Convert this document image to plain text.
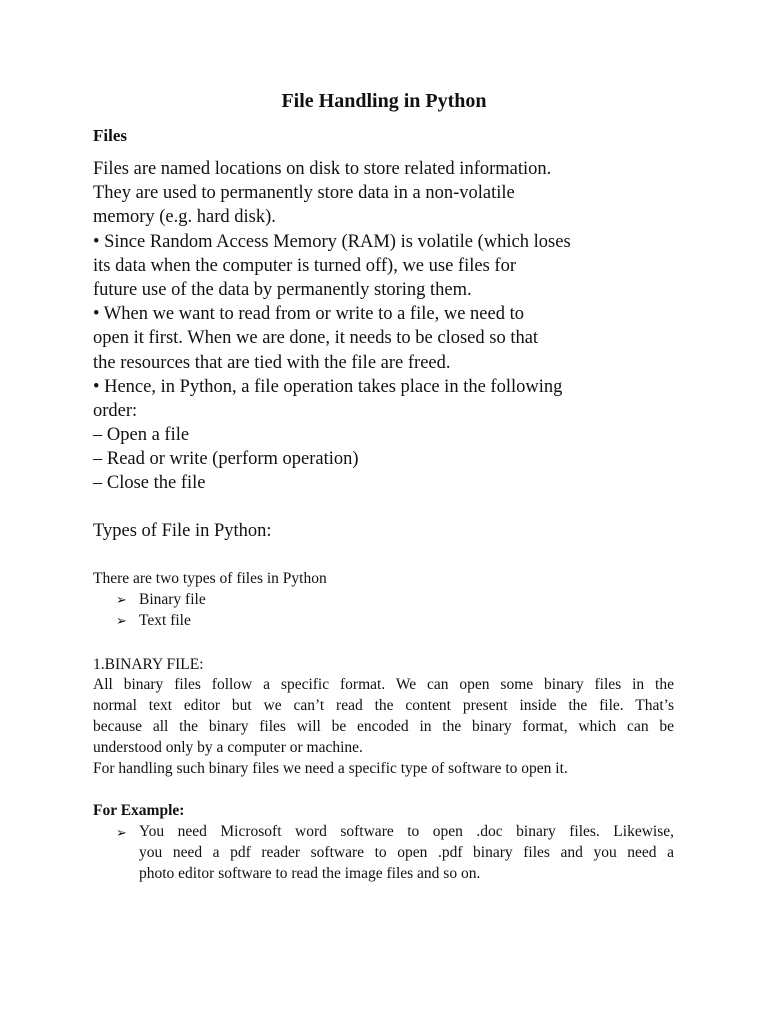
File Handling in Python
Files
Files are named locations on disk to store related information.
They are used to permanently store data in a non-volatile
memory (e.g. hard disk).
• Since Random Access Memory (RAM) is volatile (which loses
its data when the computer is turned off), we use files for
future use of the data by permanently storing them.
• When we want to read from or write to a file, we need to
open it first. When we are done, it needs to be closed so that
the resources that are tied with the file are freed.
• Hence, in Python, a file operation takes place in the following
order:
– Open a file
– Read or write (perform operation)
– Close the file
Types of File in Python:
There are two types of files in Python
➢ Binary file
➢ Text file
1.BINARY FILE:
All binary files follow a specific format. We can open some binary files in the
normal text editor but we can’t read the content present inside the file. That’s
because all the binary files will be encoded in the binary format, which can be
understood only by a computer or machine.
For handling such binary files we need a specific type of software to open it.
For Example:
➢ You need Microsoft word software to open .doc binary files. Likewise,
you need a pdf reader software to open .pdf binary files and you need a
photo editor software to read the image files and so on.
